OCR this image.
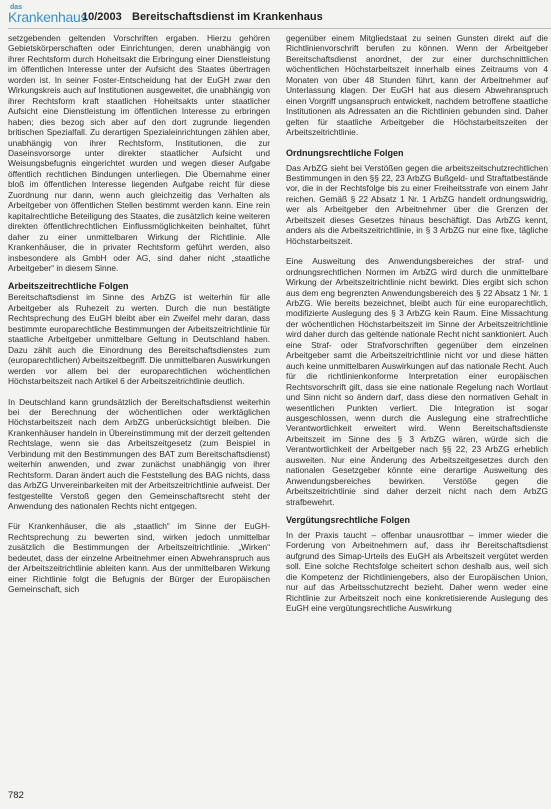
das
Krankenhaus
10/2003 Bereitschaftsdienst im Krankenhaus

setzgebenden geltenden Vorschriften ergaben. Hierzu gehören Gebietskörperschaften oder Einrichtungen, deren unabhängig von ihrer Rechtsform durch Hoheitsakt die Erbringung einer Dienstleistung im öffentlichen Interesse unter der Aufsicht des Staates übertragen worden ist. In seiner Foster-Entscheidung hat der EuGH zwar den Wirkungskreis auch auf Institutionen ausgeweitet, die unabhängig von ihrer Rechtsform kraft staatlichen Hoheitsakts unter staatlicher Aufsicht eine Dienstleistung im öffentlichen Interesse zu erbringen haben; dies bezog sich aber auf den dort zugrunde liegenden britischen Spezialfall. Zu derartigen Spezialeinrichtungen zählen aber, unabhängig von ihrer Rechtsform, Institutionen, die zur Daseinsvorsorge unter direkter staatlicher Aufsicht und Weisungsbefugnis eingerichtet wurden und wegen dieser Aufgabe öffentlich rechtlichen Bindungen unterliegen. Die Übernahme einer bloß im öffentlichen Interesse liegenden Aufgabe reicht für diese Zuordnung nur dann, wenn auch gleichzeitig das Verhalten als Arbeitgeber von öffentlichen Stellen bestimmt werden kann. Eine rein kapitalrechtliche Beteiligung des Staates, die zusätzlich keine weiteren direkten öffentlichrechtlichen Einflussmöglichkeiten beinhaltet, führt daher zu einer unmittelbaren Wirkung der Richtlinie. Alle Krankenhäuser, die in privater Rechtsform geführt werden, also insbesondere als GmbH oder AG, sind daher nicht „staatliche Arbeitgeber“ in diesem Sinne.

Arbeitszeitrechtliche Folgen

Bereitschaftsdienst im Sinne des ArbZG ist weiterhin für alle Arbeitgeber als Ruhezeit zu werten. Durch die nun bestätigte Rechtsprechung des EuGH bleibt aber ein Zweifel mehr daran, dass bestimmte europarechtliche Bestimmungen der Arbeitszeitrichtlinie für staatliche Arbeitgeber unmittelbare Geltung in Deutschland haben. Dazu zählt auch die Einordnung des Bereitschaftsdienstes zum (europarechtlichen) Arbeitszeitbegriff. Die unmittelbaren Auswirkungen werden vor allem bei der europarechtlichen wöchentlichen Höchstarbeitszeit nach Artikel 6 der Arbeitszeitrichtlinie deutlich.

In Deutschland kann grundsätzlich der Bereitschaftsdienst weiterhin bei der Berechnung der wöchentlichen oder werktäglichen Höchstarbeitszeit nach dem ArbZG unberücksichtigt bleiben. Die Krankenhäuser handeln in Übereinstimmung mit der derzeit geltenden Rechtslage, wenn sie das Arbeitszeitgesetz (zum Beispiel in Verbindung mit den Bestimmungen des BAT zum Bereitschaftsdienst) weiterhin anwenden, und zwar zunächst unabhängig von ihrer Rechtsform. Daran ändert auch die Feststellung des BAG nichts, dass das ArbZG Unvereinbarkeiten mit der Arbeitszeitrichtlinie aufweist. Der festgestellte Verstoß gegen den Gemeinschaftsrecht steht der Anwendung des nationalen Rechts nicht entgegen.

Für Krankenhäuser, die als „staatlich“ im Sinne der EuGH-Rechtsprechung zu bewerten sind, wirken jedoch unmittelbar zusätzlich die Bestimmungen der Arbeitszeitrichtlinie. „Wirken“ bedeutet, dass der einzelne Arbeitnehmer einen Abwehranspruch aus der Arbeitszeitrichtlinie ableiten kann. Aus der unmittelbaren Wirkung einer Richtlinie folgt die Befugnis der Bürger der Europäischen Gemeinschaft, sich

gegenüber einem Mitgliedstaat zu seinen Gunsten direkt auf die Richtlinienvorschrift berufen zu können. Wenn der Arbeitgeber Bereitschaftsdienst anordnet, der zur einer durchschnittlichen wöchentlichen Höchstarbeitszeit innerhalb eines Zeitraums von 4 Monaten von über 48 Stunden führt, kann der Arbeitnehmer auf Unterlassung klagen. Der EuGH hat aus diesem Abwehranspruch einen Vorgriff ungsanspruch entwickelt, nachdem betroffene staatliche Institutionen als Adressaten an die Richtlinien gebunden sind. Daher gelten für staatliche Arbeitgeber die Höchstarbeitszeiten der Arbeitszeitrichtlinie.

Ordnungsrechtliche Folgen

Das ArbZG sieht bei Verstößen gegen die arbeitszeitschutzrechtlichen Bestimmungen in den §§ 22, 23 ArbZG Bußgeld- und Straftatbestände vor, die in der Rechtsfolge bis zu einer Freiheitsstrafe von einem Jahr reichen. Gemäß § 22 Absatz 1 Nr. 1 ArbZG handelt ordnungswidrig, wer als Arbeitgeber den Arbeitnehmer über die Grenzen der Arbeitszeit dieses Gesetzes hinaus beschäftigt. Das ArbZG kennt, anders als die Arbeitszeitrichtlinie, in § 3 ArbZG nur eine fixe, tägliche Höchstarbeitszeit.

Eine Ausweitung des Anwendungsbereiches der straf- und ordnungsrechtlichen Normen im ArbZG wird durch die unmittelbare Wirkung der Arbeitszeitrichtlinie nicht bewirkt. Dies ergibt sich schon aus dem eng begrenzten Anwendungsbereich des § 22 Absatz 1 Nr. 1 ArbZG. Wie bereits bezeichnet, bleibt auch für eine europarechtlich, modifizierte Auslegung des § 3 ArbZG kein Raum. Eine Missachtung der wöchentlichen Höchstarbeitszeit im Sinne der Arbeitszeitrichtlinie wird daher durch das geltende nationale Recht nicht sanktioniert. Auch eine Straf- oder Strafvorschriften gegenüber dem einzelnen Arbeitgeber samt die Arbeitszeitrichtlinie nicht vor und diese hätten auch keine unmittelbaren Auswirkungen auf das nationale Recht. Auch für die richtlinienkonforme Interpretation einer europäischen Rechtsvorschrift gilt, dass sie eine nationale Regelung nach Wortlaut und Sinn nicht so ändern darf, dass diese den normativen Gehalt in wesentlichen Punkten verliert. Die Integration ist sogar ausgeschlossen, wenn durch die Auslegung eine strafrechtliche Verantwortlichkeit erweitert wird. Wenn Bereitschaftsdienste Arbeitszeit im Sinne des § 3 ArbZG wären, würde sich die Verantwortlichkeit der Arbeitgeber nach §§ 22, 23 ArbZG erheblich ausweiten. Nur eine Änderung des Arbeitszeitgesetzes durch den nationalen Gesetzgeber könnte eine derartige Ausweitung des Anwendungsbereiches bewirken. Verstöße gegen die Arbeitszeitrichtlinie sind daher derzeit nicht nach dem ArbZG strafbewehrt.

Vergütungsrechtliche Folgen

In der Praxis taucht – offenbar unausrottbar – immer wieder die Forderung von Arbeitnehmern auf, dass ihr Bereitschaftsdienst aufgrund des Simap-Urteils des EuGH als Arbeitszeit vergütet werden soll. Eine solche Rechtsfolge scheitert schon deshalb aus, weil sich die Kompetenz der Richtliniengebers, also der Europäischen Union, nur auf das Arbeitsschutzrecht bezieht. Daher wenn weder eine Richtlinie zur Arbeitszeit noch eine konkretisierende Auslegung des EuGH eine vergütungsrechtliche Auswirkung

782
